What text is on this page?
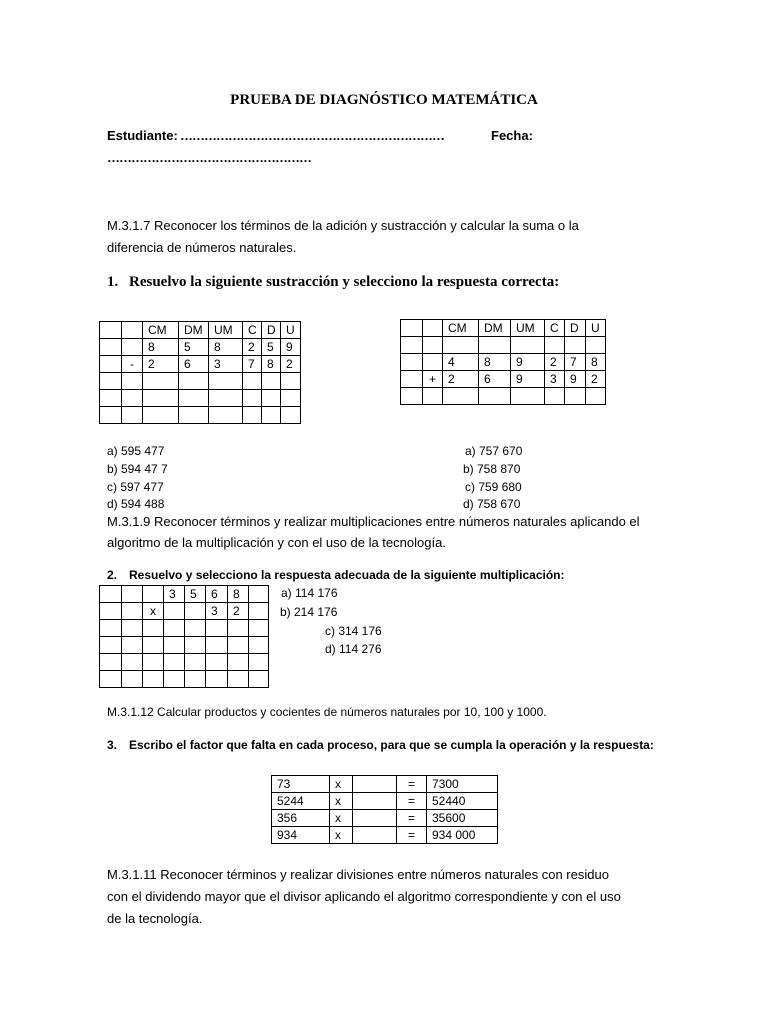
PRUEBA DE DIAGNÓSTICO MATEMÁTICA
Estudiante: …………………………………………………………	Fecha:
……………………………………………
M.3.1.7 Reconocer los términos de la adición y sustracción y calcular la suma o la
diferencia de números naturales.
1. Resuelvo la siguiente sustracción y selecciono la respuesta correcta:
		CM	DM	UM	C	D	U
		8	5	8	2	5	9
	-	2	6	3	7	8	2

		CM	DM	UM	C	D	U

		4	8	9	2	7	8
	+	2	6	9	3	9	2

a) 595 477
b) 594 47 7
c) 597 477
d) 594 488
a) 757 670
b) 758 870
c) 759 680
d) 758 670
M.3.1.9 Reconocer términos y realizar multiplicaciones entre números naturales aplicando el
algoritmo de la multiplicación y con el uso de la tecnología.
2. Resuelvo y selecciono la respuesta adecuada de la siguiente multiplicación:
			3	5	6	8	
		x			3	2	

a) 114 176
b) 214 176
c) 314 176
d) 114 276
M.3.1.12 Calcular productos y cocientes de números naturales por 10, 100 y 1000.
3. Escribo el factor que falta en cada proceso, para que se cumpla la operación y la respuesta:
73	x		=	7300
5244	x		=	52440
356	x		=	35600
934	x		=	934 000
M.3.1.11 Reconocer términos y realizar divisiones entre números naturales con residuo
con el dividendo mayor que el divisor aplicando el algoritmo correspondiente y con el uso
de la tecnología.
